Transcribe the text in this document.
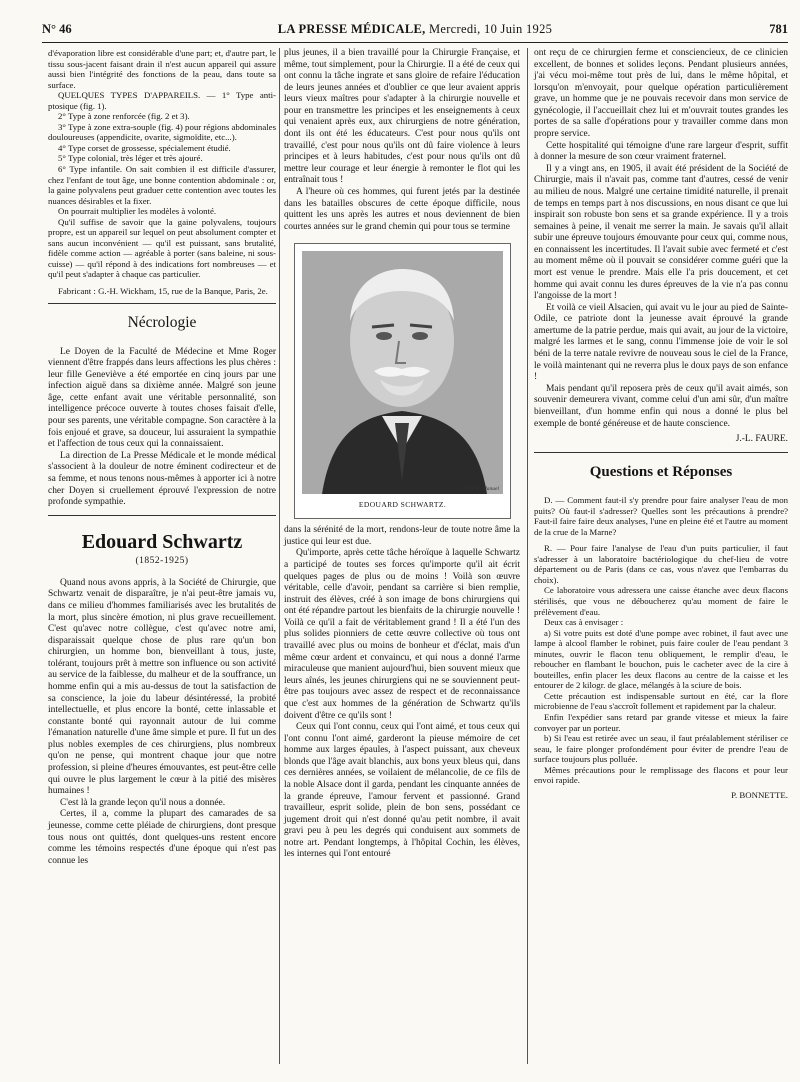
N° 46	LA PRESSE MÉDICALE, Mercredi, 10 Juin 1925	781

d'évaporation libre est considérable d'une part; et, d'autre part, le tissu sous-jacent faisant drain il n'est aucun appareil qui assure aussi bien l'intégrité des fonctions de la peau, dans toute sa surface.

QUELQUES TYPES D'APPAREILS. — 1° Type anti-ptosique (fig. 1).

2° Type à zone renforcée (fig. 2 et 3).

3° Type à zone extra-souple (fig. 4) pour régions abdominales douloureuses (appendicite, ovarite, sigmoïdite, etc...).

4° Type corset de grossesse, spécialement étudié.

5° Type colonial, très léger et très ajouré.

6° Type infantile. On sait combien il est difficile d'assurer, chez l'enfant de tout âge, une bonne contention abdominale : or, la gaine polyvalens peut graduer cette contention avec toutes les nuances désirables et la fixer.

On pourrait multiplier les modèles à volonté.

Qu'il suffise de savoir que la gaine polyvalens, toujours propre, est un appareil sur lequel on peut absolument compter et sans aucun inconvénient — qu'il est puissant, sans brutalité, fidèle comme action — agréable à porter (sans baleine, ni sous-cuisse) — qu'il répond à des indications fort nombreuses — et qu'il peut s'adapter à chaque cas particulier.

Fabricant : G.-H. Wickham, 15, rue de la Banque, Paris, 2e.

Nécrologie

Le Doyen de la Faculté de Médecine et Mme Roger viennent d'être frappés dans leurs affections les plus chères : leur fille Geneviève a été emportée en cinq jours par une infection aiguë dans sa dixième année. Malgré son jeune âge, cette enfant avait une véritable personnalité, son intelligence précoce ouverte à toutes choses faisait d'elle, pour ses parents, une véritable compagne. Son caractère à la fois enjoué et grave, sa douceur, lui assuraient la sympathie et l'affection de tous ceux qui la connaissaient.

La direction de La Presse Médicale et le monde médical s'associent à la douleur de notre éminent codirecteur et de sa femme, et nous tenons nous-mêmes à apporter ici à notre cher Doyen si cruellement éprouvé l'expression de notre profonde sympathie.

Edouard Schwartz
(1852-1925)

Quand nous avons appris, à la Société de Chirurgie, que Schwartz venait de disparaître, je n'ai peut-être jamais vu, dans ce milieu d'hommes familiarisés avec les brutalités de la mort, plus sincère émotion, ni plus grave recueillement. C'est qu'avec notre collègue, c'est qu'avec notre ami, disparaissait quelque chose de plus rare qu'un bon chirurgien, un homme bon, bienveillant à tous, juste, tolérant, toujours prêt à mettre son influence ou son activité au service de la faiblesse, du malheur et de la souffrance, un homme enfin qui a mis au-dessus de tout la satisfaction de sa conscience, la joie du labeur désintéressé, la probité intellectuelle, et plus encore la bonté, cette inlassable et constante bonté qui rayonnait autour de lui comme l'émanation naturelle d'une âme simple et pure. Il fut un des plus nobles exemples de ces chirurgiens, plus nombreux qu'on ne pense, qui montrent chaque jour que notre profession, si pleine d'heures émouvantes, est peut-être celle qui ouvre le plus largement le cœur à la pitié des misères humaines !

C'est là la grande leçon qu'il nous a donnée.

Certes, il a, comme la plupart des camarades de sa jeunesse, comme cette pléiade de chirurgiens, dont presque tous nous ont quittés, dont quelques-uns restent encore comme les témoins respectés d'une époque qui n'est pas connue les

plus jeunes, il a bien travaillé pour la Chirurgie Française, et même, tout simplement, pour la Chirurgie. Il a été de ceux qui ont connu la tâche ingrate et sans gloire de refaire l'éducation de leurs jeunes années et d'oublier ce que leur avaient appris leurs vieux maîtres pour s'adapter à la chirurgie nouvelle et pour en transmettre les principes et les enseignements à ceux qui venaient après eux, aux chirurgiens de notre génération, dont ils ont été les éducateurs. C'est pour nous qu'ils ont travaillé, c'est pour nous qu'ils ont dû faire violence à leurs principes et à leurs habitudes, c'est pour nous qu'ils ont dû mettre leur courage et leur énergie à remonter le flot qui les entraînait tous !

A l'heure où ces hommes, qui furent jetés par la destinée dans les batailles obscures de cette époque difficile, nous quittent les uns après les autres et nous deviennent de bien courtes années sur le grand chemin qui pour tous se termine

Cliché H. Manuel
EDOUARD SCHWARTZ.

dans la sérénité de la mort, rendons-leur de toute notre âme la justice qui leur est due.

Qu'importe, après cette tâche héroïque à laquelle Schwartz a participé de toutes ses forces qu'importe qu'il ait écrit quelques pages de plus ou de moins ! Voilà son œuvre véritable, celle d'avoir, pendant sa carrière si bien remplie, instruit des élèves, créé à son image de bons chirurgiens qui ont été répandre partout les bienfaits de la chirurgie nouvelle ! Voilà ce qu'il a fait de véritablement grand ! Il a été l'un des plus solides pionniers de cette œuvre collective où tous ont travaillé avec plus ou moins de bonheur et d'éclat, mais d'un même cœur ardent et convaincu, et qui nous a donné l'arme miraculeuse que manient aujourd'hui, bien souvent mieux que leurs aînés, les jeunes chirurgiens qui ne se souviennent peut-être pas toujours avec assez de respect et de reconnaissance que c'est aux hommes de la génération de Schwartz qu'ils doivent d'être ce qu'ils sont !

Ceux qui l'ont connu, ceux qui l'ont aimé, et tous ceux qui l'ont connu l'ont aimé, garderont la pieuse mémoire de cet homme aux larges épaules, à l'aspect puissant, aux cheveux blonds que l'âge avait blanchis, aux bons yeux bleus qui, dans ces dernières années, se voilaient de mélancolie, de ce fils de la noble Alsace dont il garda, pendant les cinquante années de la grande épreuve, l'amour fervent et passionné. Grand travailleur, esprit solide, plein de bon sens, possédant ce jugement droit qui n'est donné qu'au petit nombre, il avait gravi peu à peu les degrés qui conduisent aux sommets de notre art. Pendant longtemps, à l'hôpital Cochin, les élèves, les internes qui l'ont entouré

ont reçu de ce chirurgien ferme et consciencieux, de ce clinicien excellent, de bonnes et solides leçons. Pendant plusieurs années, j'ai vécu moi-même tout près de lui, dans le même hôpital, et lorsqu'on m'envoyait, pour quelque opération particulièrement grave, un homme que je ne pouvais recevoir dans mon service de gynécologie, il l'accueillait chez lui et m'ouvrait toutes grandes les portes de sa salle d'opérations pour y travailler comme dans mon propre service.

Cette hospitalité qui témoigne d'une rare largeur d'esprit, suffit à donner la mesure de son cœur vraiment fraternel.

Il y a vingt ans, en 1905, il avait été président de la Société de Chirurgie, mais il n'avait pas, comme tant d'autres, cessé de venir au milieu de nous. Malgré une certaine timidité naturelle, il prenait de temps en temps part à nos discussions, en nous disant ce que lui inspirait son robuste bon sens et sa grande expérience. Il y a trois semaines à peine, il venait me serrer la main. Je savais qu'il allait subir une épreuve toujours émouvante pour ceux qui, comme nous, en connaissent les incertitudes. Il l'avait subie avec fermeté et c'est au moment même où il pouvait se considérer comme guéri que la mort est venue le prendre. Mais elle l'a pris doucement, et cet homme qui avait connu les dures épreuves de la vie n'a pas connu l'angoisse de la mort !

Et voilà ce vieil Alsacien, qui avait vu le jour au pied de Sainte-Odile, ce patriote dont la jeunesse avait éprouvé la grande amertume de la patrie perdue, mais qui avait, au jour de la victoire, malgré les larmes et le sang, connu l'immense joie de voir le sol béni de la terre natale revivre de nouveau sous le ciel de la France, le voilà maintenant qui ne reverra plus le doux pays de son enfance !

Mais pendant qu'il reposera près de ceux qu'il avait aimés, son souvenir demeurera vivant, comme celui d'un ami sûr, d'un maître bienveillant, d'un homme enfin qui nous a donné le plus bel exemple de bonté généreuse et de haute conscience.

J.-L. FAURE.
Questions et Réponses

D. — Comment faut-il s'y prendre pour faire analyser l'eau de mon puits? Où faut-il s'adresser? Quelles sont les précautions à prendre? Faut-il faire faire deux analyses, l'une en pleine été et l'autre au moment de la crue de la Marne?

R. — Pour faire l'analyse de l'eau d'un puits particulier, il faut s'adresser à un laboratoire bactériologique du chef-lieu de votre département ou de Paris (dans ce cas, vous n'avez que l'embarras du choix).

Ce laboratoire vous adressera une caisse étanche avec deux flacons stérilisés, que vous ne déboucherez qu'au moment de faire le prélèvement d'eau.

Deux cas à envisager :

a) Si votre puits est doté d'une pompe avec robinet, il faut avec une lampe à alcool flamber le robinet, puis faire couler de l'eau pendant 3 minutes, ouvrir le flacon tenu obliquement, le remplir d'eau, le reboucher en flambant le bouchon, puis le cacheter avec de la cire à bouteilles, enfin placer les deux flacons au centre de la caisse et les entourer de 2 kilogr. de glace, mélangés à la sciure de bois.

Cette précaution est indispensable surtout en été, car la flore microbienne de l'eau s'accroît follement et rapidement par la chaleur.

Enfin l'expédier sans retard par grande vitesse et mieux la faire convoyer par un porteur.

b) Si l'eau est retirée avec un seau, il faut préalablement stériliser ce seau, le faire plonger profondément pour éviter de prendre l'eau de surface toujours plus polluée.

Mêmes précautions pour le remplissage des flacons et pour leur envoi rapide.

P. BONNETTE.
